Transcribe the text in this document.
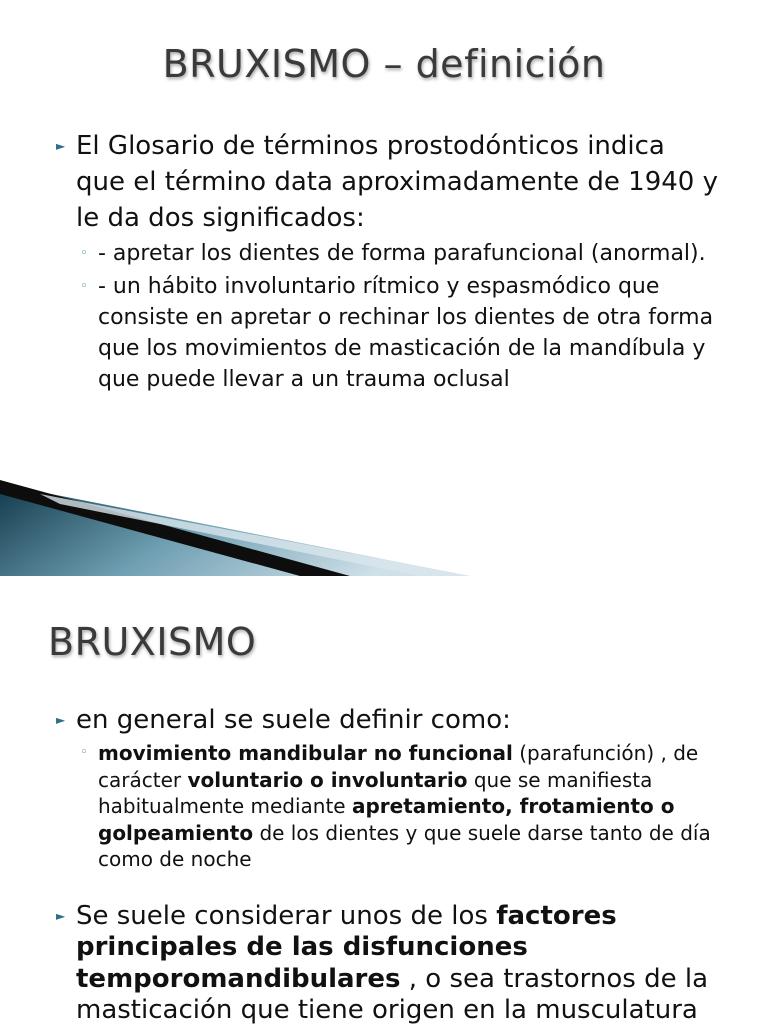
BRUXISMO – definición
► El Glosario de términos prostodónticos indica que el término data aproximadamente de 1940 y le da dos significados:
◦ - apretar los dientes de forma parafuncional (anormal).
◦ - un hábito involuntario rítmico y espasmódico que consiste en apretar o rechinar los dientes de otra forma que los movimientos de masticación de la mandíbula y que puede llevar a un trauma oclusal
BRUXISMO
► en general se suele definir como:
◦ movimiento mandibular no funcional (parafunción) , de carácter voluntario o involuntario que se manifiesta habitualmente mediante apretamiento, frotamiento o golpeamiento de los dientes y que suele darse tanto de día como de noche
► Se suele considerar unos de los factores principales de las disfunciones temporomandibulares , o sea trastornos de la masticación que tiene origen en la musculatura
